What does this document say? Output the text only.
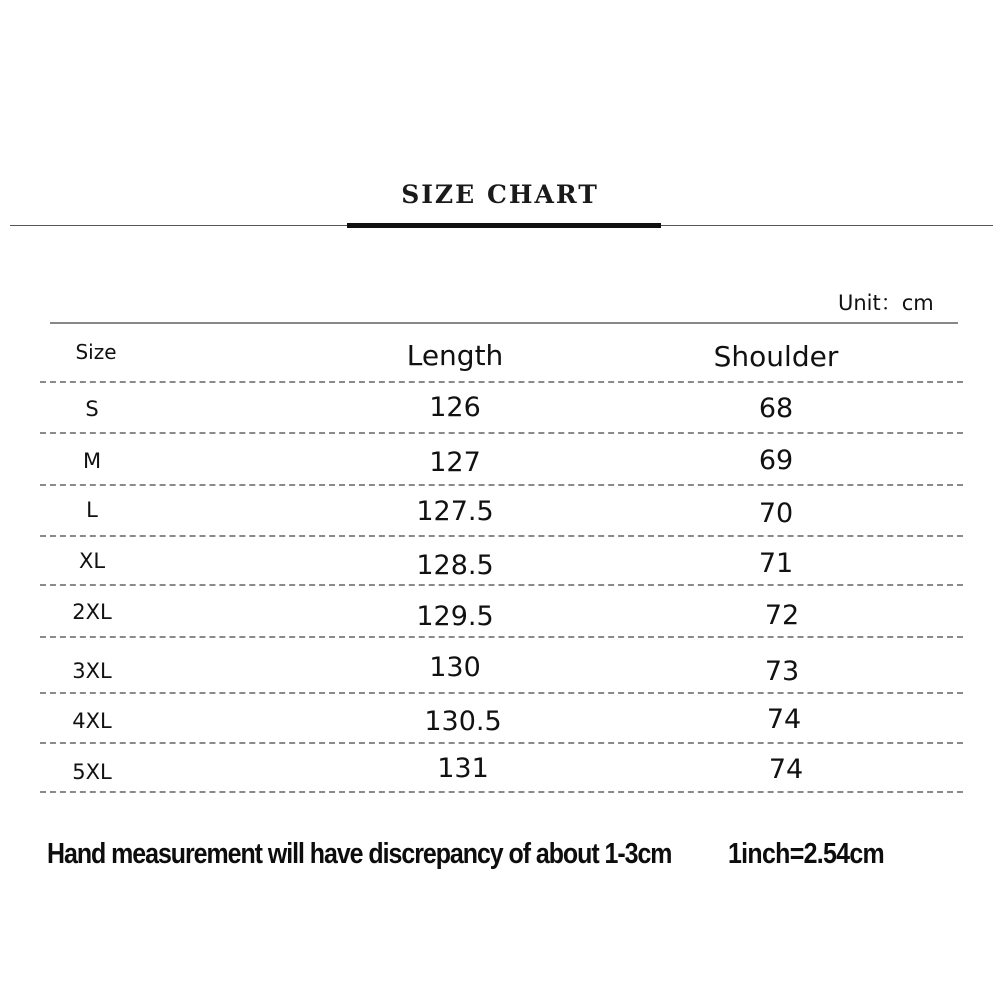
SIZE CHART
Unit：cm
Size	Length	Shoulder
S	126	68
M	127	69
L	127.5	70
XL	128.5	71
2XL	129.5	72
3XL	130	73
4XL	130.5	74
5XL	131	74
Hand measurement will have discrepancy of about 1-3cm 1inch=2.54cm
